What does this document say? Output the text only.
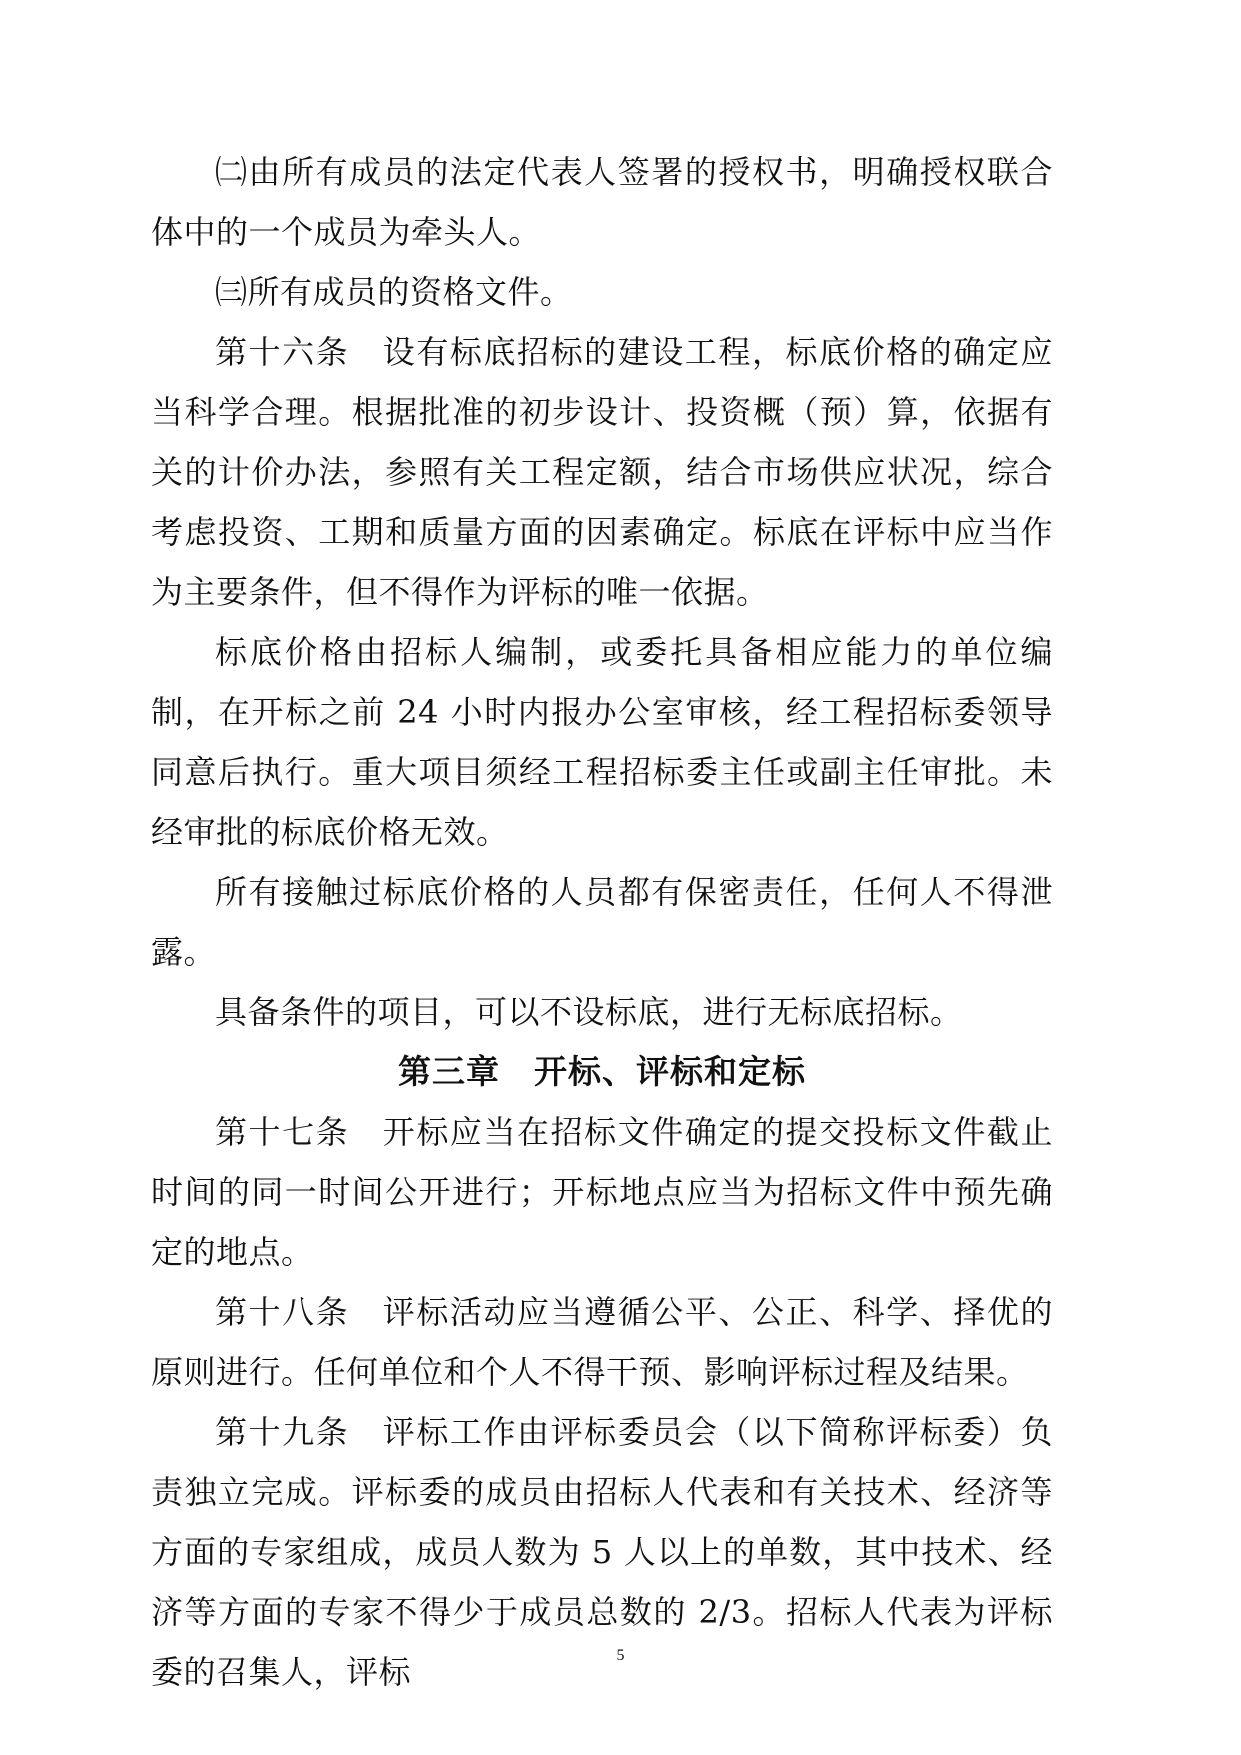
㈡由所有成员的法定代表人签署的授权书，明确授权联合体中的一个成员为牵头人。

㈢所有成员的资格文件。

第十六条　设有标底招标的建设工程，标底价格的确定应当科学合理。根据批准的初步设计、投资概（预）算，依据有关的计价办法，参照有关工程定额，结合市场供应状况，综合考虑投资、工期和质量方面的因素确定。标底在评标中应当作为主要条件，但不得作为评标的唯一依据。

标底价格由招标人编制，或委托具备相应能力的单位编制，在开标之前 24 小时内报办公室审核，经工程招标委领导同意后执行。重大项目须经工程招标委主任或副主任审批。未经审批的标底价格无效。

所有接触过标底价格的人员都有保密责任，任何人不得泄露。

具备条件的项目，可以不设标底，进行无标底招标。

第三章　开标、评标和定标

第十七条　开标应当在招标文件确定的提交投标文件截止时间的同一时间公开进行；开标地点应当为招标文件中预先确定的地点。

第十八条　评标活动应当遵循公平、公正、科学、择优的原则进行。任何单位和个人不得干预、影响评标过程及结果。

第十九条　评标工作由评标委员会（以下简称评标委）负责独立完成。评标委的成员由招标人代表和有关技术、经济等方面的专家组成，成员人数为 5 人以上的单数，其中技术、经济等方面的专家不得少于成员总数的 2/3。招标人代表为评标委的召集人，评标	5
